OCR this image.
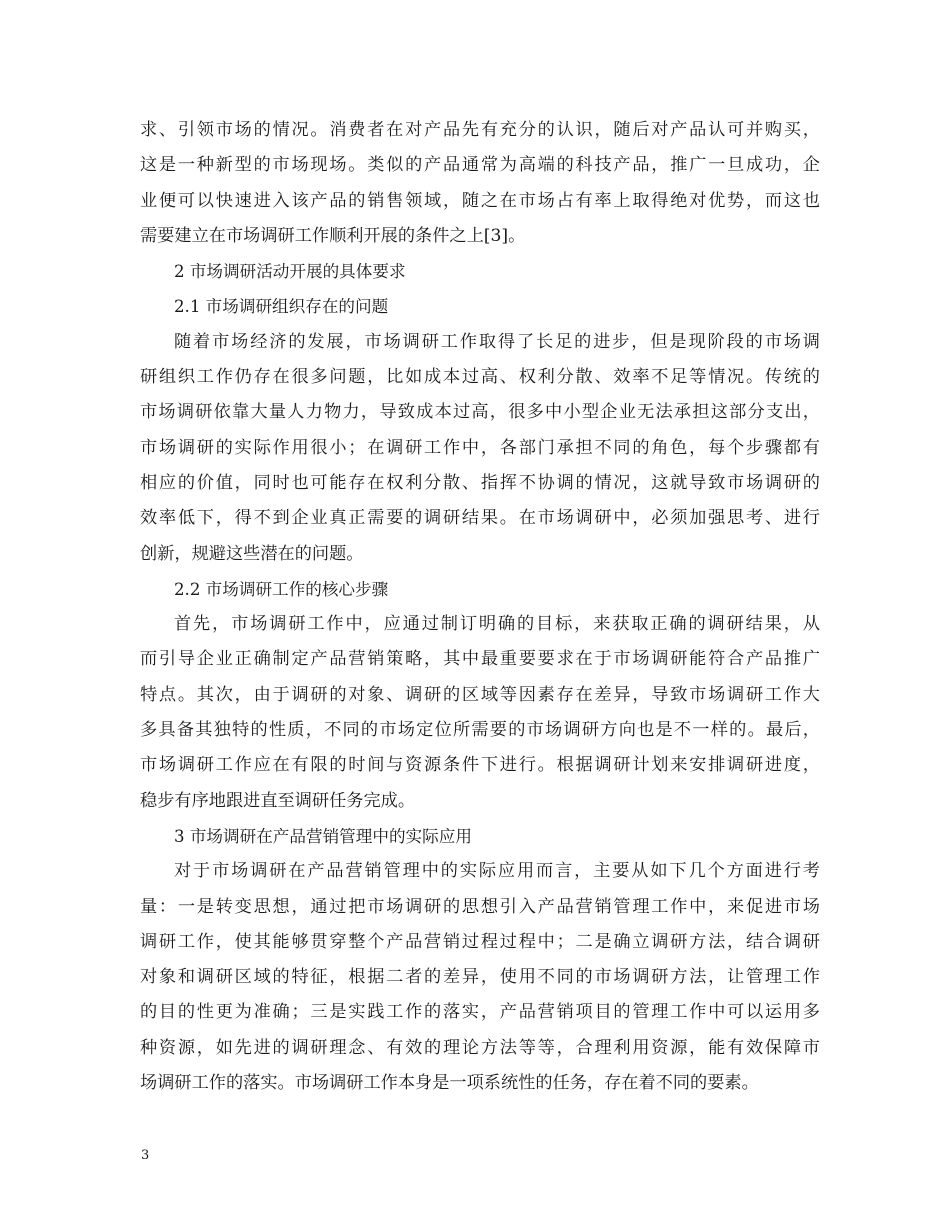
求、引领市场的情况。消费者在对产品先有充分的认识，随后对产品认可并购买，
这是一种新型的市场现场。类似的产品通常为高端的科技产品，推广一旦成功，企
业便可以快速进入该产品的销售领域，随之在市场占有率上取得绝对优势，而这也
需要建立在市场调研工作顺利开展的条件之上[3]。
2 市场调研活动开展的具体要求
2.1 市场调研组织存在的问题
随着市场经济的发展，市场调研工作取得了长足的进步，但是现阶段的市场调
研组织工作仍存在很多问题，比如成本过高、权利分散、效率不足等情况。传统的
市场调研依靠大量人力物力，导致成本过高，很多中小型企业无法承担这部分支出，
市场调研的实际作用很小；在调研工作中，各部门承担不同的角色，每个步骤都有
相应的价值，同时也可能存在权利分散、指挥不协调的情况，这就导致市场调研的
效率低下，得不到企业真正需要的调研结果。在市场调研中，必须加强思考、进行
创新，规避这些潜在的问题。
2.2 市场调研工作的核心步骤
首先，市场调研工作中，应通过制订明确的目标，来获取正确的调研结果，从
而引导企业正确制定产品营销策略，其中最重要要求在于市场调研能符合产品推广
特点。其次，由于调研的对象、调研的区域等因素存在差异，导致市场调研工作大
多具备其独特的性质，不同的市场定位所需要的市场调研方向也是不一样的。最后，
市场调研工作应在有限的时间与资源条件下进行。根据调研计划来安排调研进度，
稳步有序地跟进直至调研任务完成。
3 市场调研在产品营销管理中的实际应用
对于市场调研在产品营销管理中的实际应用而言，主要从如下几个方面进行考
量：一是转变思想，通过把市场调研的思想引入产品营销管理工作中，来促进市场
调研工作，使其能够贯穿整个产品营销过程过程中；二是确立调研方法，结合调研
对象和调研区域的特征，根据二者的差异，使用不同的市场调研方法，让管理工作
的目的性更为准确；三是实践工作的落实，产品营销项目的管理工作中可以运用多
种资源，如先进的调研理念、有效的理论方法等等，合理利用资源，能有效保障市
场调研工作的落实。市场调研工作本身是一项系统性的任务，存在着不同的要素。
3
